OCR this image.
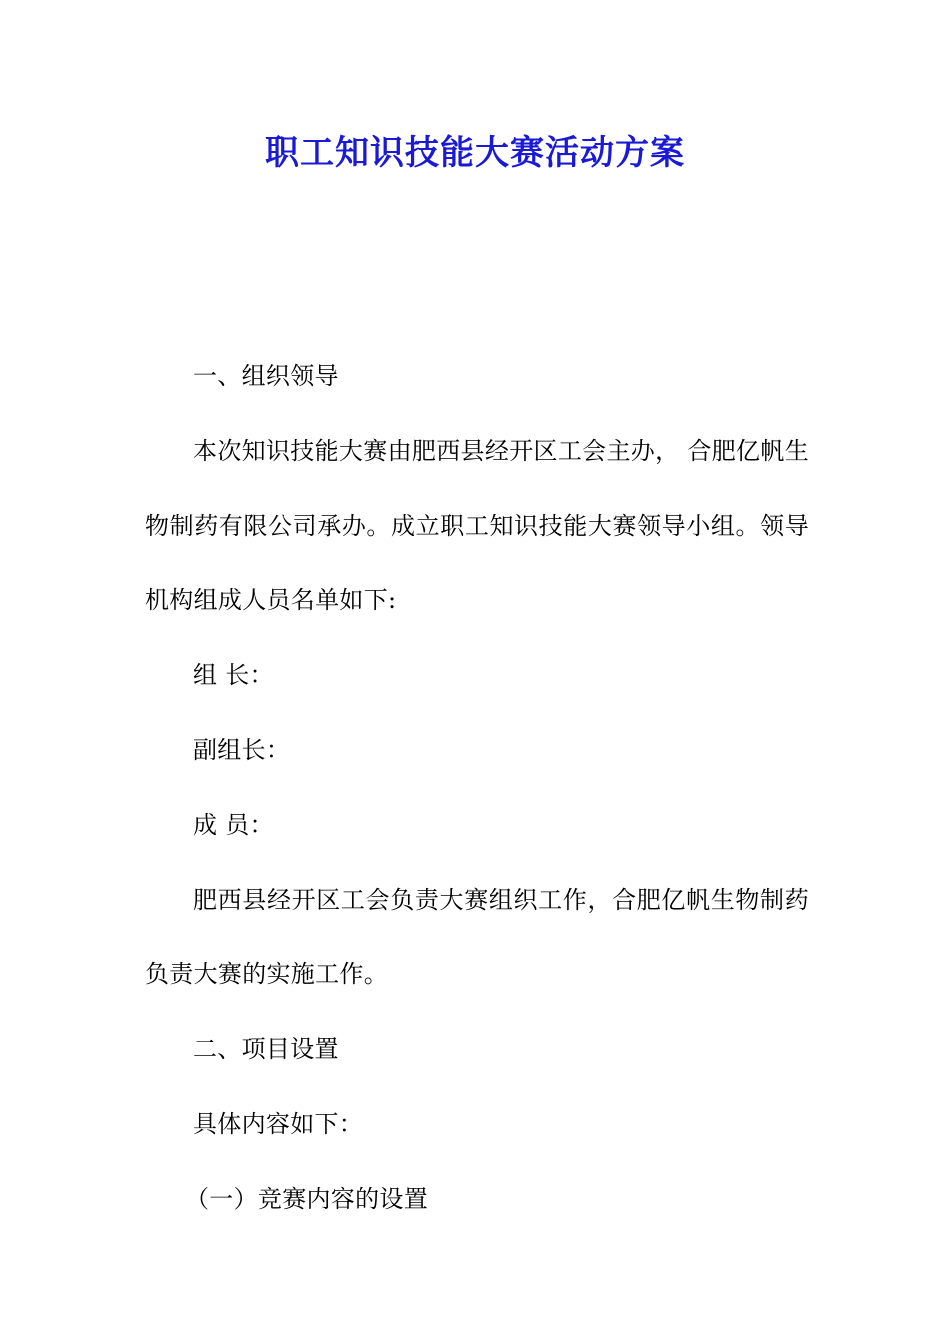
职工知识技能大赛活动方案

一、组织领导

本次知识技能大赛由肥西县经开区工会主办， 合肥亿帆生物制药有限公司承办。成立职工知识技能大赛领导小组。领导机构组成人员名单如下:

组 长：

副组长：

成 员：

肥西县经开区工会负责大赛组织工作，合肥亿帆生物制药负责大赛的实施工作。

二、项目设置

具体内容如下：

（一）竞赛内容的设置
